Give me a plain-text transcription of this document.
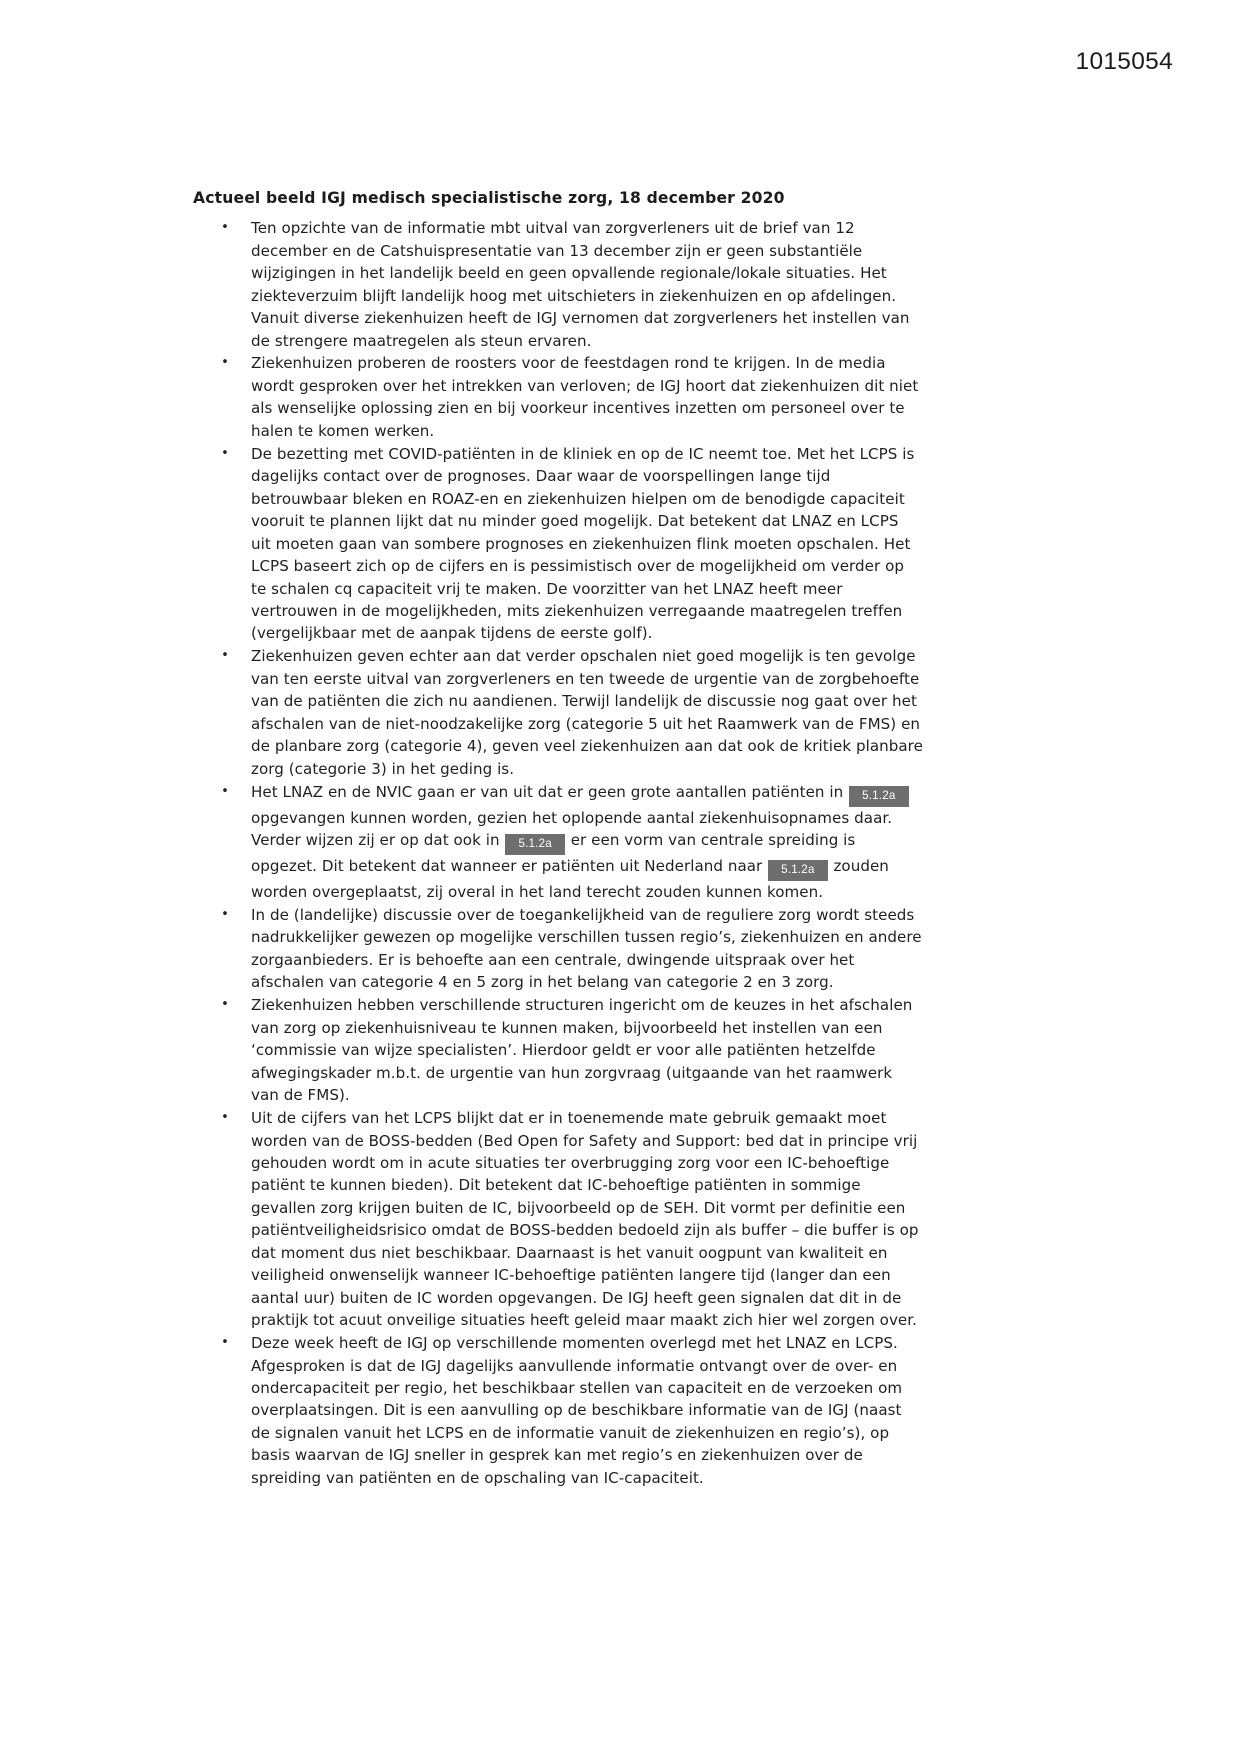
1015054
Actueel beeld IGJ medisch specialistische zorg, 18 december 2020
• Ten opzichte van de informatie mbt uitval van zorgverleners uit de brief van 12 december en de Catshuispresentatie van 13 december zijn er geen substantiële wijzigingen in het landelijk beeld en geen opvallende regionale/lokale situaties. Het ziekteverzuim blijft landelijk hoog met uitschieters in ziekenhuizen en op afdelingen. Vanuit diverse ziekenhuizen heeft de IGJ vernomen dat zorgverleners het instellen van de strengere maatregelen als steun ervaren.
• Ziekenhuizen proberen de roosters voor de feestdagen rond te krijgen. In de media wordt gesproken over het intrekken van verloven; de IGJ hoort dat ziekenhuizen dit niet als wenselijke oplossing zien en bij voorkeur incentives inzetten om personeel over te halen te komen werken.
• De bezetting met COVID-patiënten in de kliniek en op de IC neemt toe. Met het LCPS is dagelijks contact over de prognoses. Daar waar de voorspellingen lange tijd betrouwbaar bleken en ROAZ-en en ziekenhuizen hielpen om de benodigde capaciteit vooruit te plannen lijkt dat nu minder goed mogelijk. Dat betekent dat LNAZ en LCPS uit moeten gaan van sombere prognoses en ziekenhuizen flink moeten opschalen. Het LCPS baseert zich op de cijfers en is pessimistisch over de mogelijkheid om verder op te schalen cq capaciteit vrij te maken. De voorzitter van het LNAZ heeft meer vertrouwen in de mogelijkheden, mits ziekenhuizen verregaande maatregelen treffen (vergelijkbaar met de aanpak tijdens de eerste golf).
• Ziekenhuizen geven echter aan dat verder opschalen niet goed mogelijk is ten gevolge van ten eerste uitval van zorgverleners en ten tweede de urgentie van de zorgbehoefte van de patiënten die zich nu aandienen. Terwijl landelijk de discussie nog gaat over het afschalen van de niet-noodzakelijke zorg (categorie 5 uit het Raamwerk van de FMS) en de planbare zorg (categorie 4), geven veel ziekenhuizen aan dat ook de kritiek planbare zorg (categorie 3) in het geding is.
• Het LNAZ en de NVIC gaan er van uit dat er geen grote aantallen patiënten in 5.1.2a opgevangen kunnen worden, gezien het oplopende aantal ziekenhuisopnames daar. Verder wijzen zij er op dat ook in 5.1.2a er een vorm van centrale spreiding is opgezet. Dit betekent dat wanneer er patiënten uit Nederland naar 5.1.2a zouden worden overgeplaatst, zij overal in het land terecht zouden kunnen komen.
• In de (landelijke) discussie over de toegankelijkheid van de reguliere zorg wordt steeds nadrukkelijker gewezen op mogelijke verschillen tussen regio’s, ziekenhuizen en andere zorgaanbieders. Er is behoefte aan een centrale, dwingende uitspraak over het afschalen van categorie 4 en 5 zorg in het belang van categorie 2 en 3 zorg.
• Ziekenhuizen hebben verschillende structuren ingericht om de keuzes in het afschalen van zorg op ziekenhuisniveau te kunnen maken, bijvoorbeeld het instellen van een ‘commissie van wijze specialisten’. Hierdoor geldt er voor alle patiënten hetzelfde afwegingskader m.b.t. de urgentie van hun zorgvraag (uitgaande van het raamwerk van de FMS).
• Uit de cijfers van het LCPS blijkt dat er in toenemende mate gebruik gemaakt moet worden van de BOSS-bedden (Bed Open for Safety and Support: bed dat in principe vrij gehouden wordt om in acute situaties ter overbrugging zorg voor een IC-behoeftige patiënt te kunnen bieden). Dit betekent dat IC-behoeftige patiënten in sommige gevallen zorg krijgen buiten de IC, bijvoorbeeld op de SEH. Dit vormt per definitie een patiëntveiligheidsrisico omdat de BOSS-bedden bedoeld zijn als buffer – die buffer is op dat moment dus niet beschikbaar. Daarnaast is het vanuit oogpunt van kwaliteit en veiligheid onwenselijk wanneer IC-behoeftige patiënten langere tijd (langer dan een aantal uur) buiten de IC worden opgevangen. De IGJ heeft geen signalen dat dit in de praktijk tot acuut onveilige situaties heeft geleid maar maakt zich hier wel zorgen over.
• Deze week heeft de IGJ op verschillende momenten overlegd met het LNAZ en LCPS. Afgesproken is dat de IGJ dagelijks aanvullende informatie ontvangt over de over- en ondercapaciteit per regio, het beschikbaar stellen van capaciteit en de verzoeken om overplaatsingen. Dit is een aanvulling op de beschikbare informatie van de IGJ (naast de signalen vanuit het LCPS en de informatie vanuit de ziekenhuizen en regio’s), op basis waarvan de IGJ sneller in gesprek kan met regio’s en ziekenhuizen over de spreiding van patiënten en de opschaling van IC-capaciteit.
